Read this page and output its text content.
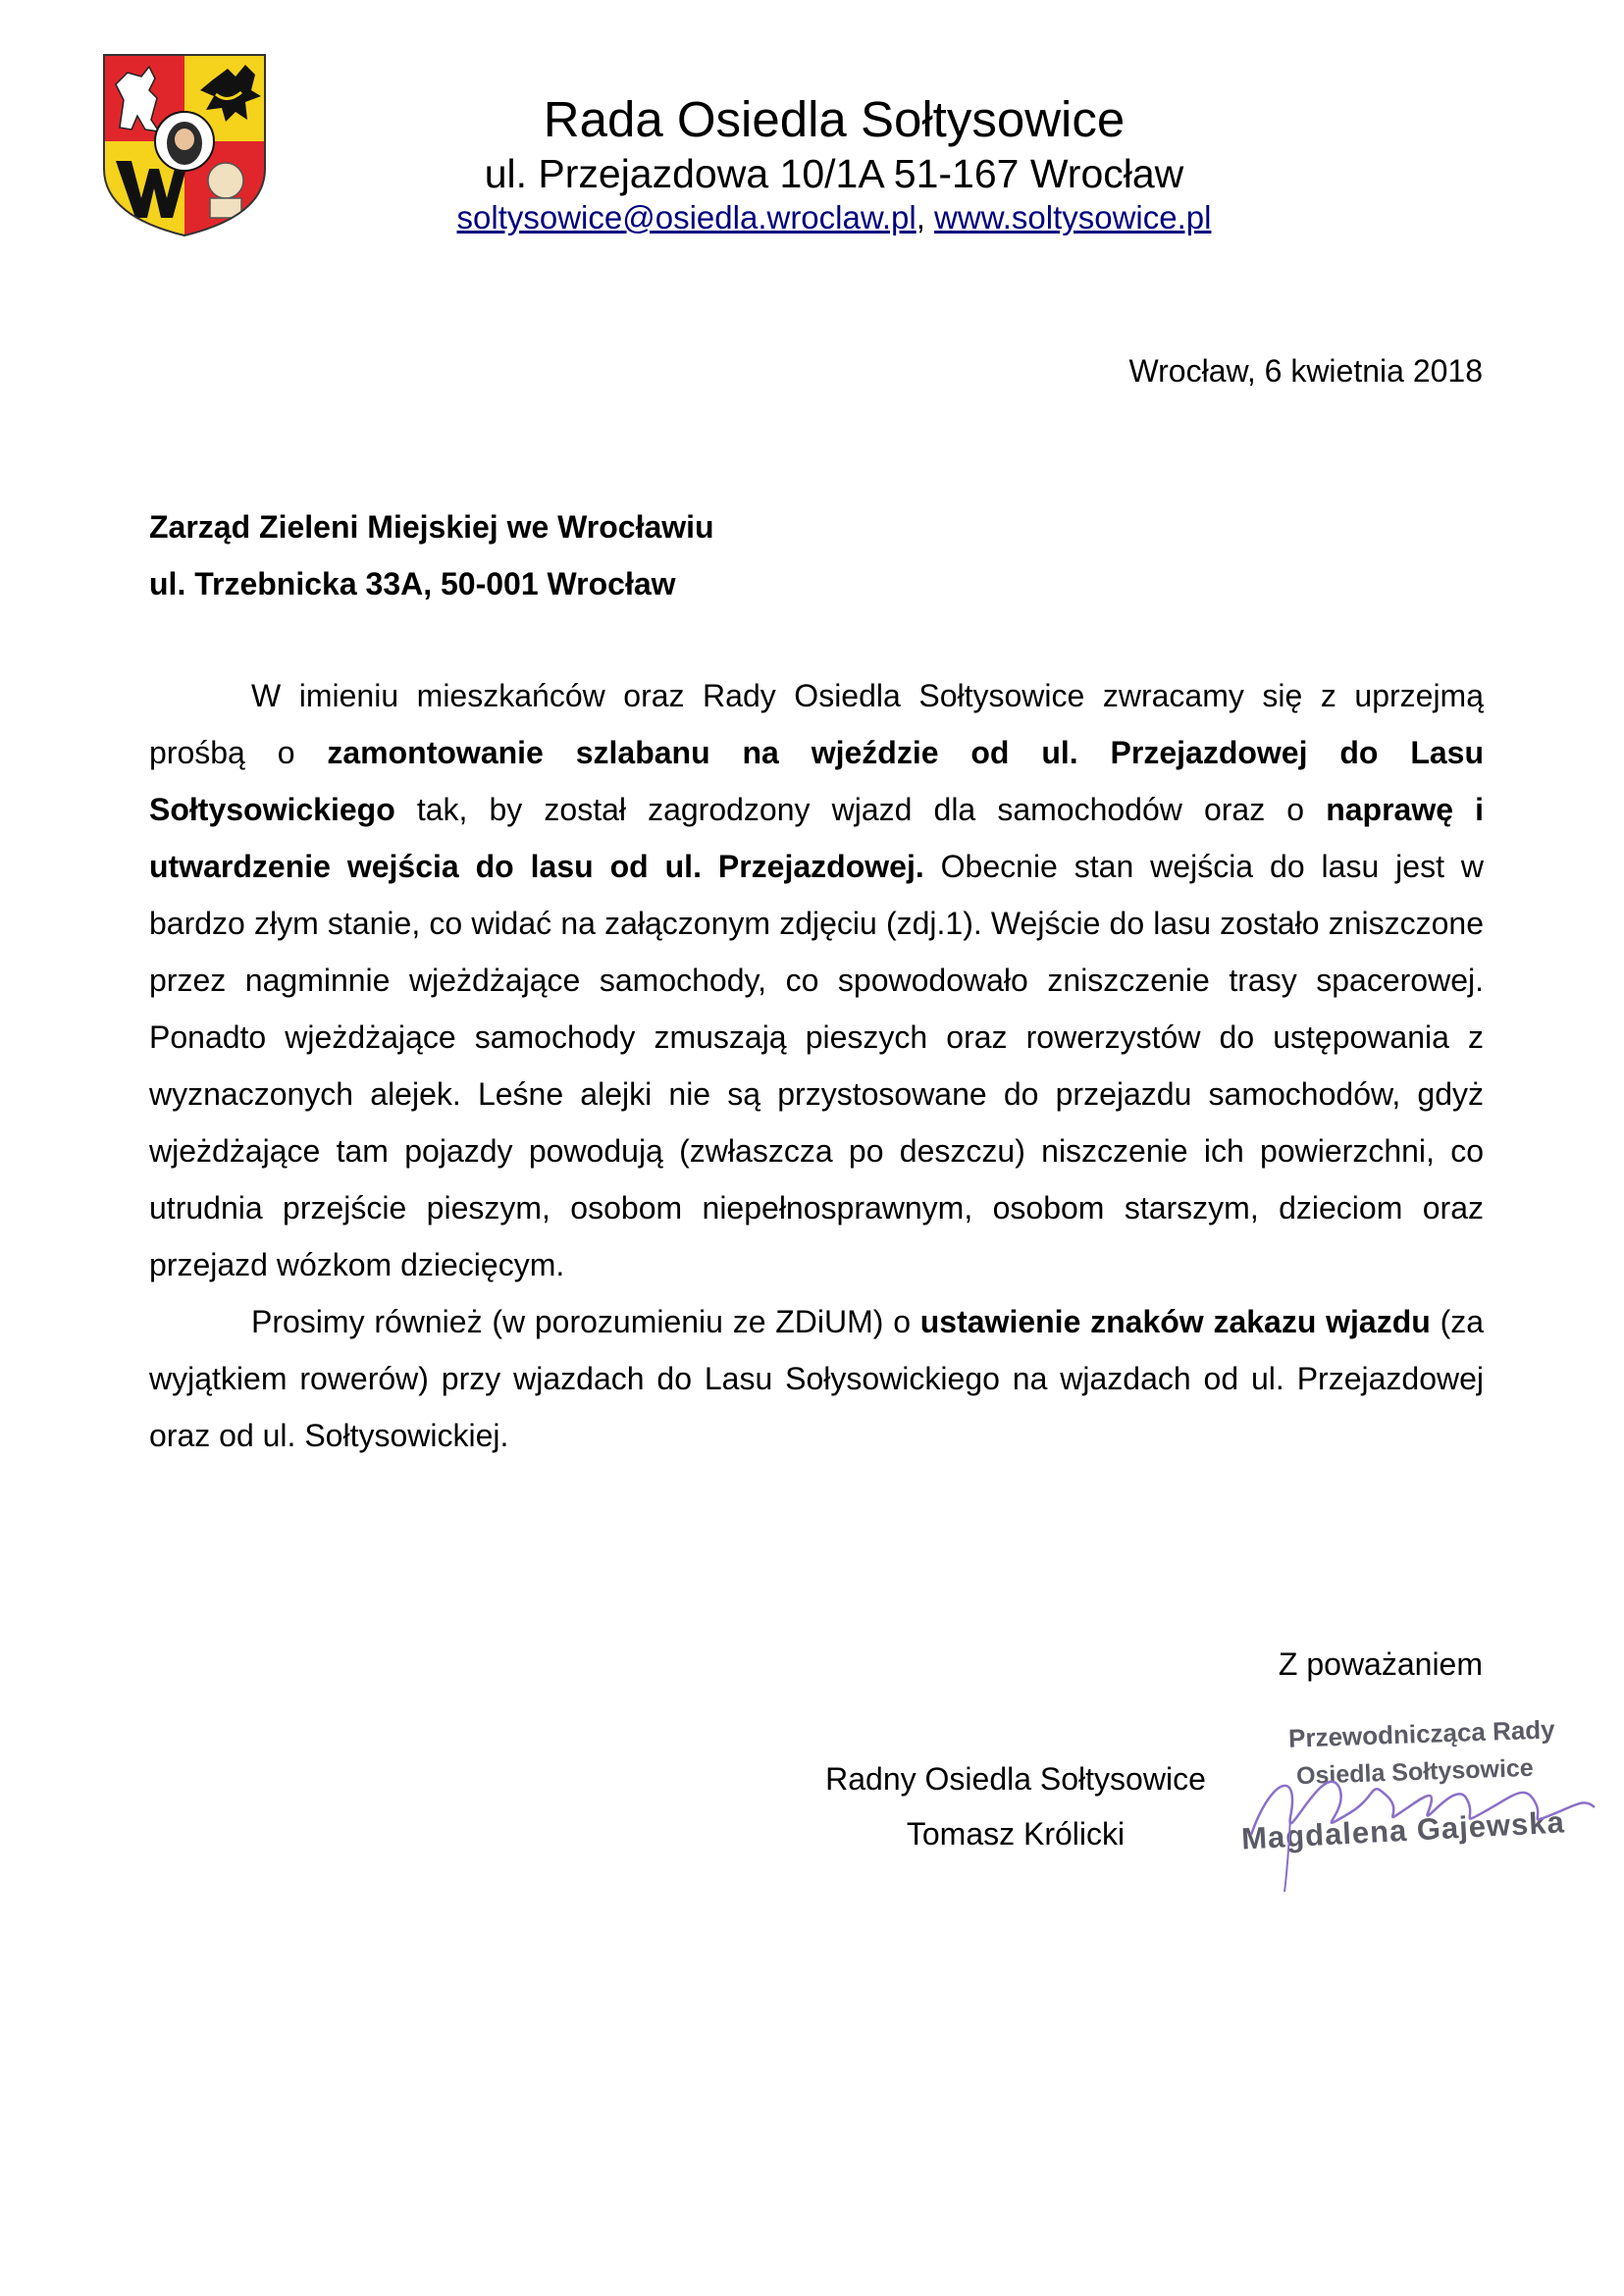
Rada Osiedla Sołtysowice
ul. Przejazdowa 10/1A 51-167 Wrocław
soltysowice@osiedla.wroclaw.pl, www.soltysowice.pl
Wrocław, 6 kwietnia 2018
Zarząd Zieleni Miejskiej we Wrocławiu
ul. Trzebnicka 33A, 50-001 Wrocław

W imieniu mieszkańców oraz Rady Osiedla Sołtysowice zwracamy się z uprzejmą prośbą o zamontowanie szlabanu na wjeździe od ul. Przejazdowej do Lasu Sołtysowickiego tak, by został zagrodzony wjazd dla samochodów oraz o naprawę i utwardzenie wejścia do lasu od ul. Przejazdowej. Obecnie stan wejścia do lasu jest w bardzo złym stanie, co widać na załączonym zdjęciu (zdj.1). Wejście do lasu zostało zniszczone przez nagminnie wjeżdżające samochody, co spowodowało zniszczenie trasy spacerowej. Ponadto wjeżdżające samochody zmuszają pieszych oraz rowerzystów do ustępowania z wyznaczonych alejek. Leśne alejki nie są przystosowane do przejazdu samochodów, gdyż wjeżdżające tam pojazdy powodują (zwłaszcza po deszczu) niszczenie ich powierzchni, co utrudnia przejście pieszym, osobom niepełnosprawnym, osobom starszym, dzieciom oraz przejazd wózkom dziecięcym.

Prosimy również (w porozumieniu ze ZDiUM) o ustawienie znaków zakazu wjazdu (za wyjątkiem rowerów) przy wjazdach do Lasu Sołysowickiego na wjazdach od ul. Przejazdowej oraz od ul. Sołtysowickiej.

Z poważaniem
Radny Osiedla Sołtysowice
Tomasz Królicki
Przewodnicząca Rady
Osiedla Sołtysowice
Magdalena Gajewska
